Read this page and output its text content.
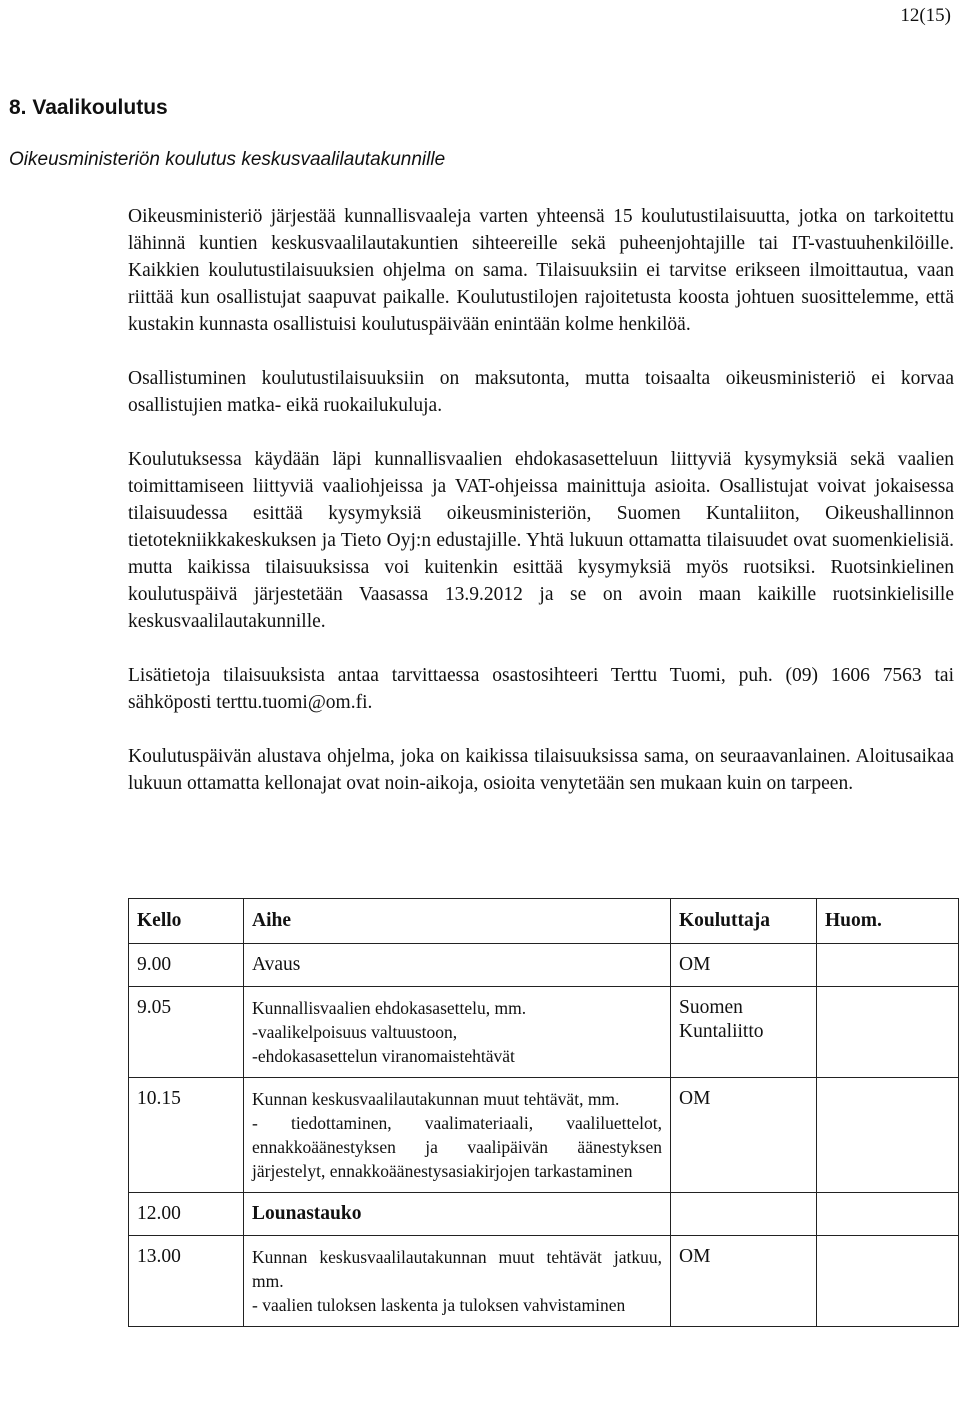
12(15)
8. Vaalikoulutus
Oikeusministeriön koulutus keskusvaalilautakunnille

Oikeusministeriö järjestää kunnallisvaaleja varten yhteensä 15 koulutustilaisuutta, jotka on tarkoitettu lähinnä kuntien keskusvaalilautakuntien sihteereille sekä puheenjohtajille tai IT-vastuuhenkilöille. Kaikkien koulutustilaisuuksien ohjelma on sama. Tilaisuuksiin ei tarvitse erikseen ilmoittautua, vaan riittää kun osallistujat saapuvat paikalle. Koulutustilojen rajoitetusta koosta johtuen suosittelemme, että kustakin kunnasta osallistuisi koulutuspäivään enintään kolme henkilöä.

Osallistuminen koulutustilaisuuksiin on maksutonta, mutta toisaalta oikeusministeriö ei korvaa osallistujien matka- eikä ruokailukuluja.

Koulutuksessa käydään läpi kunnallisvaalien ehdokasasetteluun liittyviä kysymyksiä sekä vaalien toimittamiseen liittyviä vaaliohjeissa ja VAT-ohjeissa mainittuja asioita. Osallistujat voivat jokaisessa tilaisuudessa esittää kysymyksiä oikeusministeriön, Suomen Kuntaliiton, Oikeushallinnon tietotekniikkakeskuksen ja Tieto Oyj:n edustajille. Yhtä lukuun ottamatta tilaisuudet ovat suomenkielisiä. mutta kaikissa tilaisuuksissa voi kuitenkin esittää kysymyksiä myös ruotsiksi. Ruotsinkielinen koulutuspäivä järjestetään Vaasassa 13.9.2012 ja se on avoin maan kaikille ruotsinkielisille keskusvaalilautakunnille.

Lisätietoja tilaisuuksista antaa tarvittaessa osastosihteeri Terttu Tuomi, puh. (09) 1606 7563 tai sähköposti terttu.tuomi@om.fi.

Koulutuspäivän alustava ohjelma, joka on kaikissa tilaisuuksissa sama, on seuraavanlainen. Aloitusaikaa lukuun ottamatta kellonajat ovat noin-aikoja, osioita venytetään sen mukaan kuin on tarpeen.

Kello	Aihe	Kouluttaja	Huom.
9.00	Avaus	OM	
9.05	Kunnallisvaalien ehdokasasettelu, mm.
-vaalikelpoisuus valtuustoon,
-ehdokasasettelun viranomaistehtävät	Suomen Kuntaliitto	
10.15	Kunnan keskusvaalilautakunnan muut tehtävät, mm.
- tiedottaminen, vaalimateriaali, vaaliluettelot, ennakkoäänestyksen ja vaalipäivän äänestyksen järjestelyt, ennakkoäänestysasiakirjojen tarkastaminen	OM	
12.00	Lounastauko		

13.00	Kunnan keskusvaalilautakunnan muut tehtävät jatkuu, mm.
- vaalien tuloksen laskenta ja tuloksen vahvistaminen	OM	
